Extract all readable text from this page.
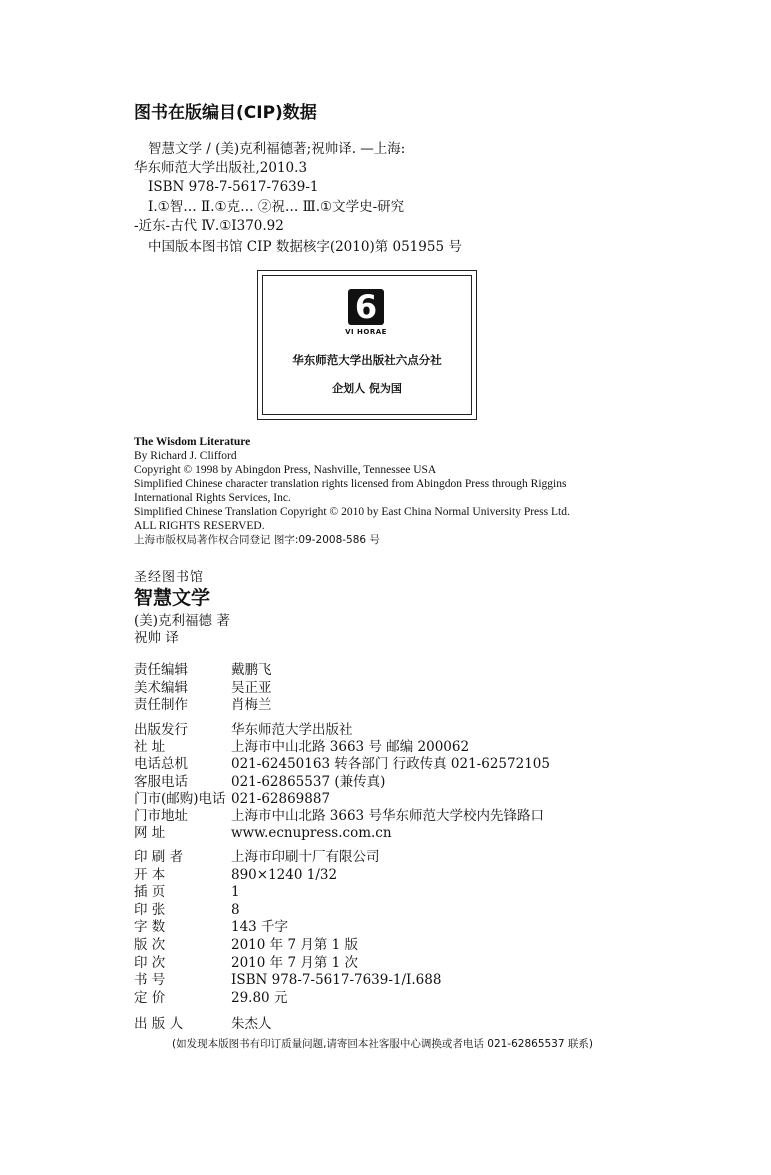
图书在版编目(CIP)数据
智慧文学 / (美)克利福德著;祝帅译. —上海:
华东师范大学出版社,2010.3
ISBN 978-7-5617-7639-1
Ⅰ.①智… Ⅱ.①克… ②祝… Ⅲ.①文学史-研究
-近东-古代 Ⅳ.①I370.92
中国版本图书馆 CIP 数据核字(2010)第 051955 号
6
VI HORAE
华东师范大学出版社六点分社
企划人 倪为国
The Wisdom Literature
By Richard J. Clifford
Copyright © 1998 by Abingdon Press, Nashville, Tennessee USA
Simplified Chinese character translation rights licensed from Abingdon Press through Riggins
International Rights Services, Inc.
Simplified Chinese Translation Copyright © 2010 by East China Normal University Press Ltd.
ALL RIGHTS RESERVED.
上海市版权局著作权合同登记 图字:09-2008-586 号
圣经图书馆
智慧文学
(美)克利福德 著
祝帅 译
责任编辑	戴鹏飞
美术编辑	吴正亚
责任制作	肖梅兰
出版发行	华东师范大学出版社
社 址	上海市中山北路 3663 号 邮编 200062
电话总机	021-62450163 转各部门 行政传真 021-62572105
客服电话	021-62865537 (兼传真)
门市(邮购)电话 021-62869887
门市地址	上海市中山北路 3663 号华东师范大学校内先锋路口
网 址	www.ecnupress.com.cn
印 刷 者	上海市印刷十厂有限公司
开 本	890×1240 1/32
插 页	1
印 张	8
字 数	143 千字
版 次	2010 年 7 月第 1 版
印 次	2010 年 7 月第 1 次
书 号	ISBN 978-7-5617-7639-1/I.688
定 价	29.80 元
出 版 人	朱杰人
(如发现本版图书有印订质量问题,请寄回本社客服中心调换或者电话 021-62865537 联系)
